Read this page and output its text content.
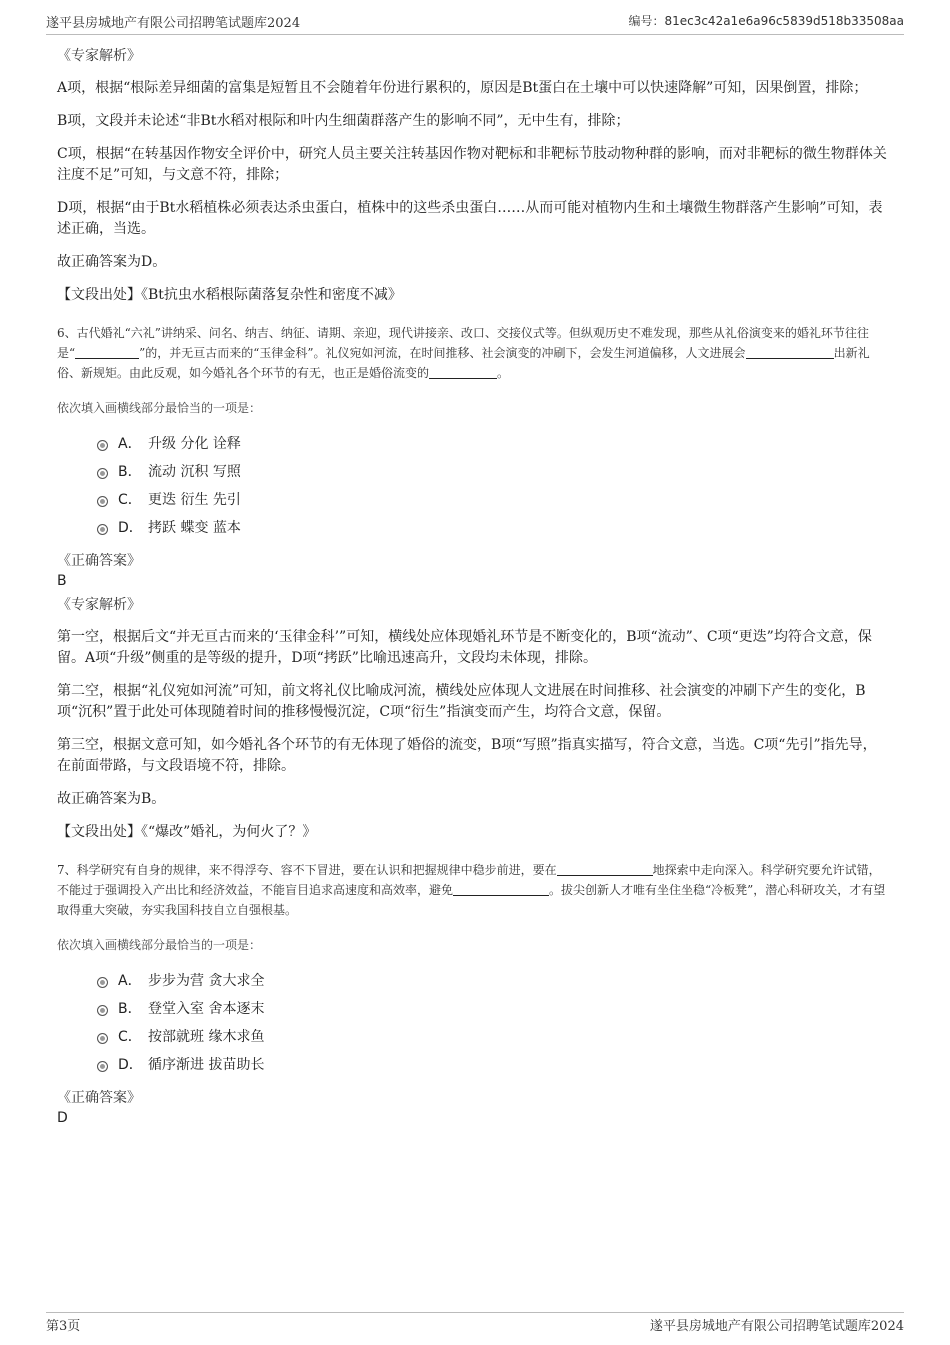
遂平县房城地产有限公司招聘笔试题库2024	编号：81ec3c42a1e6a96c5839d518b33508aa
《专家解析》
A项，根据“根际差异细菌的富集是短暂且不会随着年份进行累积的，原因是Bt蛋白在土壤中可以快速降解”可知，因果倒置，排除；
B项，文段并未论述“非Bt水稻对根际和叶内生细菌群落产生的影响不同”，无中生有，排除；
C项，根据“在转基因作物安全评价中，研究人员主要关注转基因作物对靶标和非靶标节肢动物种群的影响，而对非靶标的微生物群体关注度不足”可知，与文意不符，排除；
D项，根据“由于Bt水稻植株必须表达杀虫蛋白，植株中的这些杀虫蛋白……从而可能对植物内生和土壤微生物群落产生影响”可知，表述正确，当选。
故正确答案为D。
【文段出处】《Bt抗虫水稻根际菌落复杂性和密度不减》
6、古代婚礼“六礼”讲纳采、问名、纳吉、纳征、请期、亲迎，现代讲接亲、改口、交接仪式等。但纵观历史不难发现，那些从礼俗演变来的婚礼环节往往是“	”的，并无亘古而来的“玉律金科”。礼仪宛如河流，在时间推移、社会演变的冲刷下，会发生河道偏移，人文进展会	出新礼俗、新规矩。由此反观，如今婚礼各个环节的有无，也正是婚俗流变的	。
依次填入画横线部分最恰当的一项是：
A． 升级 分化 诠释
B． 流动 沉积 写照
C． 更迭 衍生 先引
D． 拷跃 蝶变 蓝本
《正确答案》
B
《专家解析》
第一空，根据后文“并无亘古而来的‘玉律金科’”可知，横线处应体现婚礼环节是不断变化的，B项“流动”、C项“更迭”均符合文意，保留。A项“升级”侧重的是等级的提升，D项“拷跃”比喻迅速高升，文段均未体现，排除。
第二空，根据“礼仪宛如河流”可知，前文将礼仪比喻成河流，横线处应体现人文进展在时间推移、社会演变的冲刷下产生的变化，B项“沉积”置于此处可体现随着时间的推移慢慢沉淀，C项“衍生”指演变而产生，均符合文意，保留。
第三空，根据文意可知，如今婚礼各个环节的有无体现了婚俗的流变，B项“写照”指真实描写，符合文意，当选。C项“先引”指先导，在前面带路，与文段语境不符，排除。
故正确答案为B。
【文段出处】《“爆改”婚礼，为何火了？》
7、科学研究有自身的规律，来不得浮夸、容不下冒进，要在认识和把握规律中稳步前进，要在	地探索中走向深入。科学研究要允许试错，不能过于强调投入产出比和经济效益，不能盲目追求高速度和高效率，避免	。拔尖创新人才唯有坐住坐稳“冷板凳”，潜心科研攻关，才有望取得重大突破，夯实我国科技自立自强根基。
依次填入画横线部分最恰当的一项是：
A． 步步为营 贪大求全
B． 登堂入室 舍本逐末
C． 按部就班 缘木求鱼
D． 循序渐进 拔苗助长
《正确答案》
D
第3页	遂平县房城地产有限公司招聘笔试题库2024
